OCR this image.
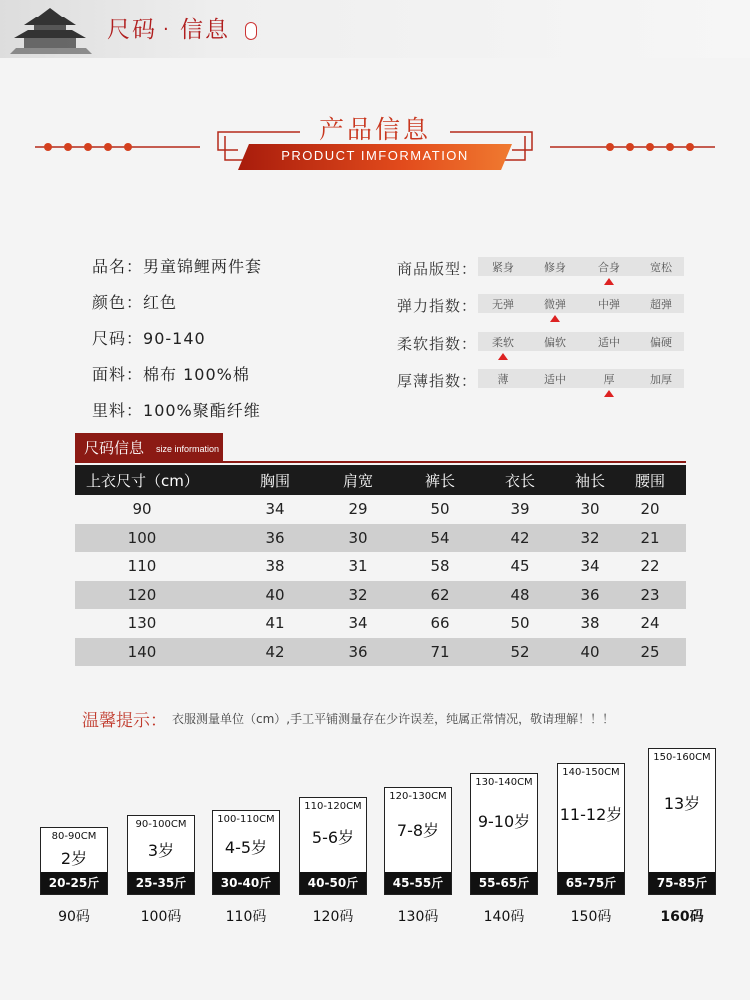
尺码 . 信息
产品信息
PRODUCT IMFORMATION
品名：男童锦鲤两件套
颜色：红色
尺码：90-140
面料：棉布 100%棉
里料：100%聚酯纤维
商品版型：	紧身	修身	合身	宽松
弹力指数：	无弹	微弹	中弹	超弹
柔软指数：	柔软	偏软	适中	偏硬
厚薄指数：	薄	适中	厚	加厚
尺码信息 size information
上衣尺寸（cm）	胸围	肩宽	裤长	衣长	袖长	腰围
90	34	29	50	39	30	20
100	36	30	54	42	32	21
110	38	31	58	45	34	22
120	40	32	62	48	36	23
130	41	34	66	50	38	24
140	42	36	71	52	40	25
温馨提示： 衣服测量单位（cm）,手工平铺测量存在少许误差，纯属正常情况，敬请理解！！！
80-90CM
2岁
20-25斤
90码
90-100CM
3岁
25-35斤
100码
100-110CM
4-5岁
30-40斤
110码
110-120CM
5-6岁
40-50斤
120码
120-130CM
7-8岁
45-55斤
130码
130-140CM
9-10岁
55-65斤
140码
140-150CM
11-12岁
65-75斤
150码
150-160CM
13岁
75-85斤
160码
